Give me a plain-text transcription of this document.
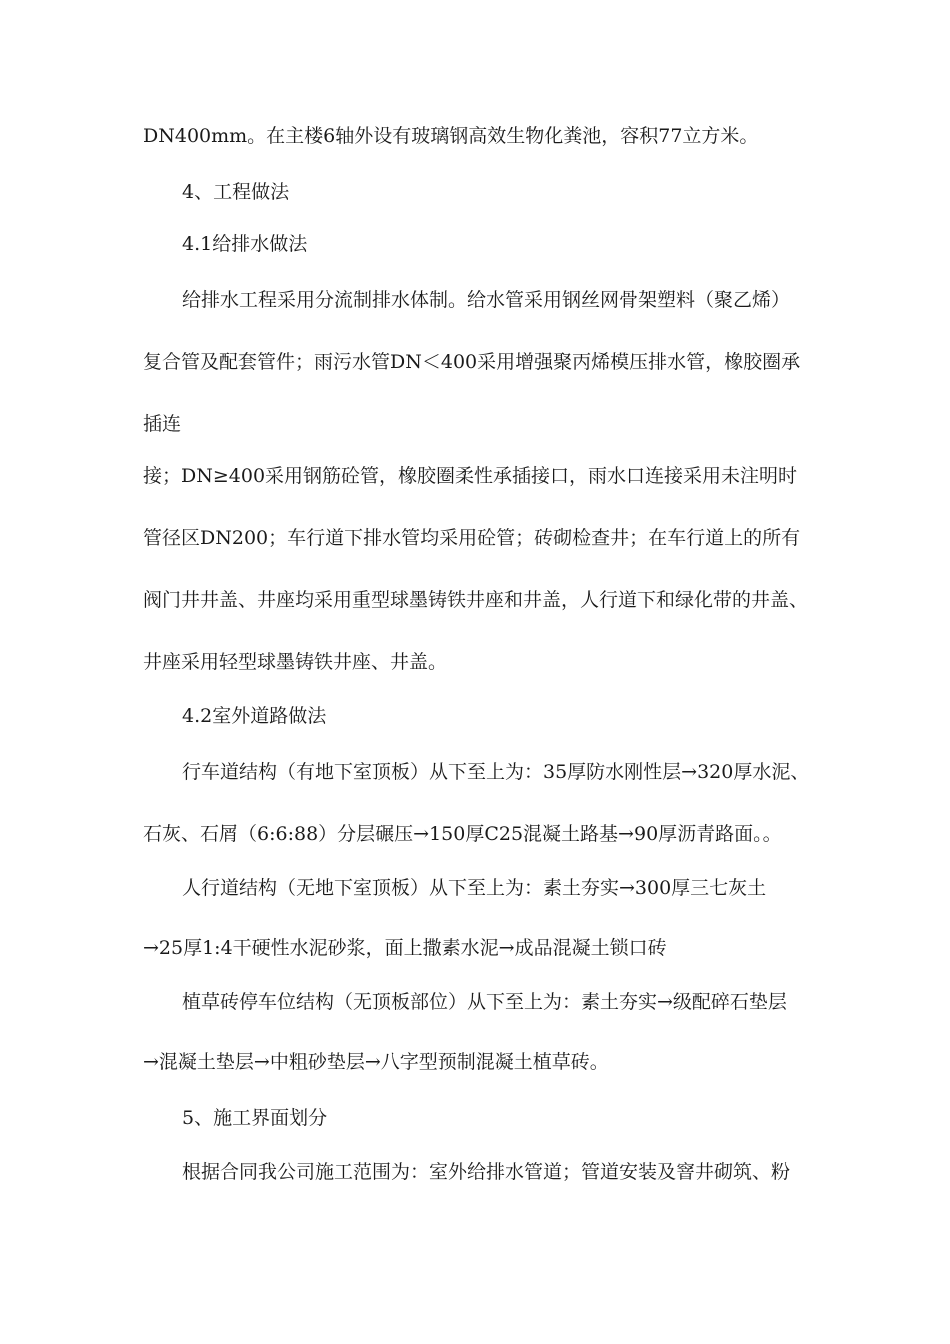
DN400mm。在主楼6轴外设有玻璃钢高效生物化粪池，容积77立方米。
4、工程做法
4.1给排水做法
给排水工程采用分流制排水体制。给水管采用钢丝网骨架塑料（聚乙烯）
复合管及配套管件；雨污水管DN＜400采用增强聚丙烯模压排水管，橡胶圈承
插连
接；DN≥400采用钢筋砼管，橡胶圈柔性承插接口，雨水口连接采用未注明时
管径区DN200；车行道下排水管均采用砼管；砖砌检查井；在车行道上的所有
阀门井井盖、井座均采用重型球墨铸铁井座和井盖，人行道下和绿化带的井盖、
井座采用轻型球墨铸铁井座、井盖。
4.2室外道路做法
行车道结构（有地下室顶板）从下至上为：35厚防水刚性层→320厚水泥、
石灰、石屑（6:6:88）分层碾压→150厚C25混凝土路基→90厚沥青路面。。
人行道结构（无地下室顶板）从下至上为：素土夯实→300厚三七灰土
→25厚1:4干硬性水泥砂浆，面上撒素水泥→成品混凝土锁口砖
植草砖停车位结构（无顶板部位）从下至上为：素土夯实→级配碎石垫层
→混凝土垫层→中粗砂垫层→八字型预制混凝土植草砖。
5、施工界面划分
根据合同我公司施工范围为：室外给排水管道；管道安装及窨井砌筑、粉
